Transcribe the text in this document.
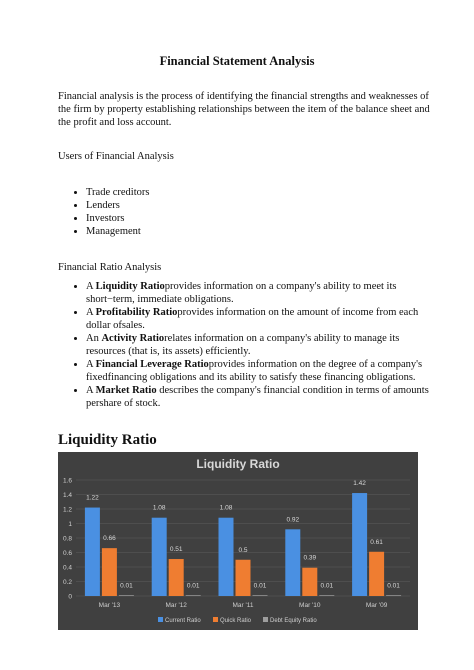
Financial Statement Analysis
Financial analysis is the process of identifying the financial strengths and weaknesses of the firm by property establishing relationships between the item of the balance sheet and the profit and loss account.
Users of Financial Analysis
• Trade creditors
• Lenders
• Investors
• Management
Financial Ratio Analysis
• A Liquidity Ratioprovides information on a company's ability to meet its short−term, immediate obligations.
• A Profitability Ratioprovides information on the amount of income from each dollar ofsales.
• An Activity Ratiorelates information on a company's ability to manage its resources (that is, its assets) efficiently.
• A Financial Leverage Ratioprovides information on the degree of a company's fixedfinancing obligations and its ability to satisfy these financing obligations.
• A Market Ratio describes the company's financial condition in terms of amounts pershare of stock.
Liquidity Ratio
Liquidity Ratio
0
0.2
0.4
0.6
0.8
1
1.2
1.4
1.6
1.22
0.66
0.01
Mar '13
1.08
0.51
0.01
Mar '12
1.08
0.5
0.01
Mar '11
0.92
0.39
0.01
Mar '10
1.42
0.61
0.01
Mar '09
Current Ratio	Quick Ratio	Debt Equity Ratio
